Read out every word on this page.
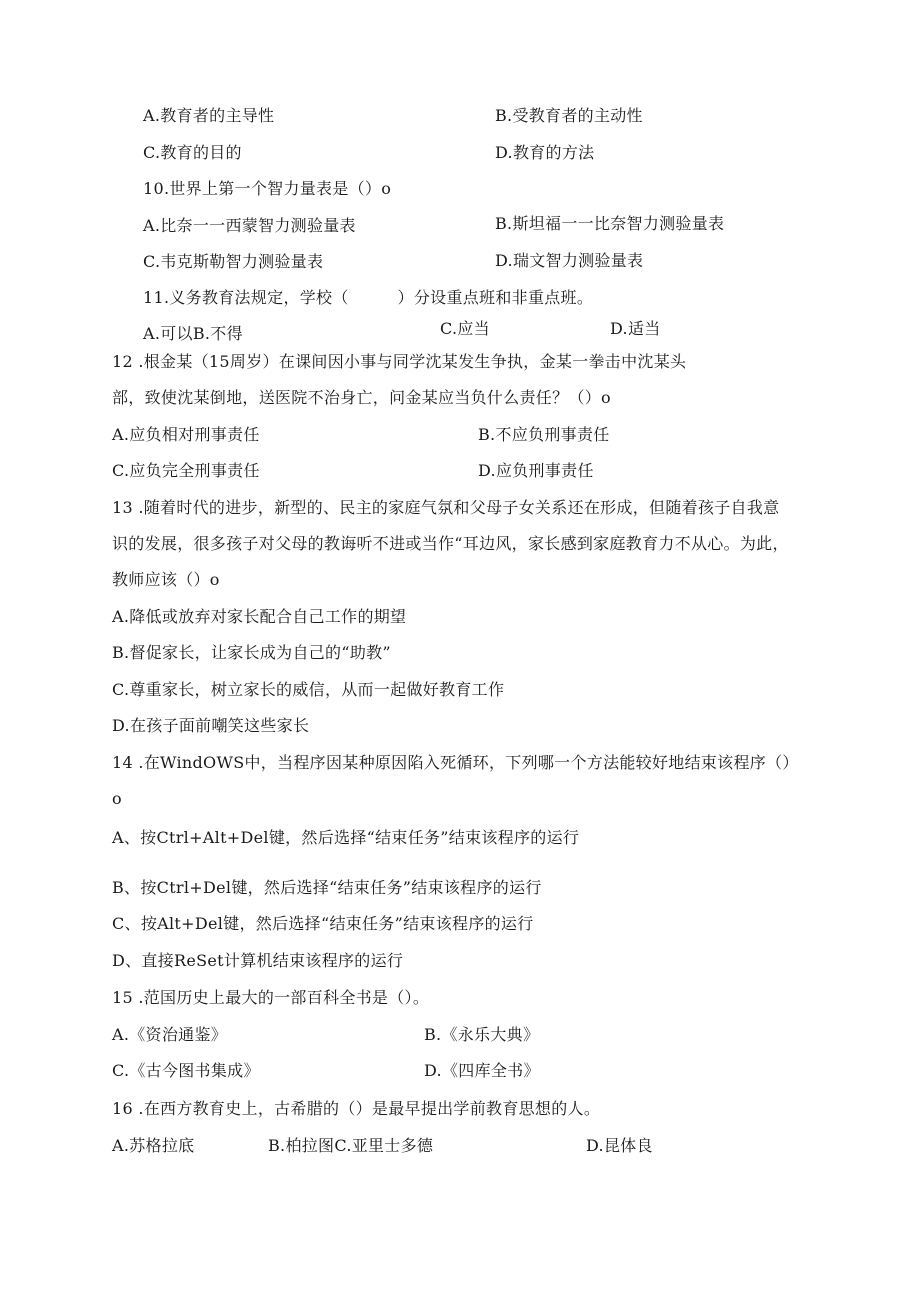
A.教育者的主导性	B.受教育者的主动性
C.教育的目的	D.教育的方法
10.世界上第一个智力量表是（）o
A.比奈一一西蒙智力测验量表	B.斯坦福一一比奈智力测验量表
C.韦克斯勒智力测验量表	D.瑞文智力测验量表
11.义务教育法规定，学校（　　　）分设重点班和非重点班。
A.可以B.不得	C.应当	D.适当
12 .根金某（15周岁）在课间因小事与同学沈某发生争执，金某一拳击中沈某头
部，致使沈某倒地，送医院不治身亡，问金某应当负什么责任？（）o
A.应负相对刑事责任	B.不应负刑事责任
C.应负完全刑事责任	D.应负刑事责任
13 .随着时代的进步，新型的、民主的家庭气氛和父母子女关系还在形成，但随着孩子自我意
识的发展，很多孩子对父母的教诲听不进或当作“耳边风，家长感到家庭教育力不从心。为此，
教师应该（）o
A.降低或放弃对家长配合自己工作的期望
B.督促家长，让家长成为自己的“助教”
C.尊重家长，树立家长的威信，从而一起做好教育工作
D.在孩子面前嘲笑这些家长
14 .在WindOWS中，当程序因某种原因陷入死循环，下列哪一个方法能较好地结束该程序（）
o
A、按Ctrl+Alt+Del键，然后选择“结束任务”结束该程序的运行
B、按Ctrl+Del键，然后选择“结束任务”结束该程序的运行
C、按Alt+Del键，然后选择“结束任务”结束该程序的运行
D、直接ReSet计算机结束该程序的运行
15 .范国历史上最大的一部百科全书是（）。
A.《资治通鉴》	B.《永乐大典》
C.《古今图书集成》	D.《四库全书》
16 .在西方教育史上，古希腊的（）是最早提出学前教育思想的人。
A.苏格拉底	B.柏拉图C.亚里士多德	D.昆体良
